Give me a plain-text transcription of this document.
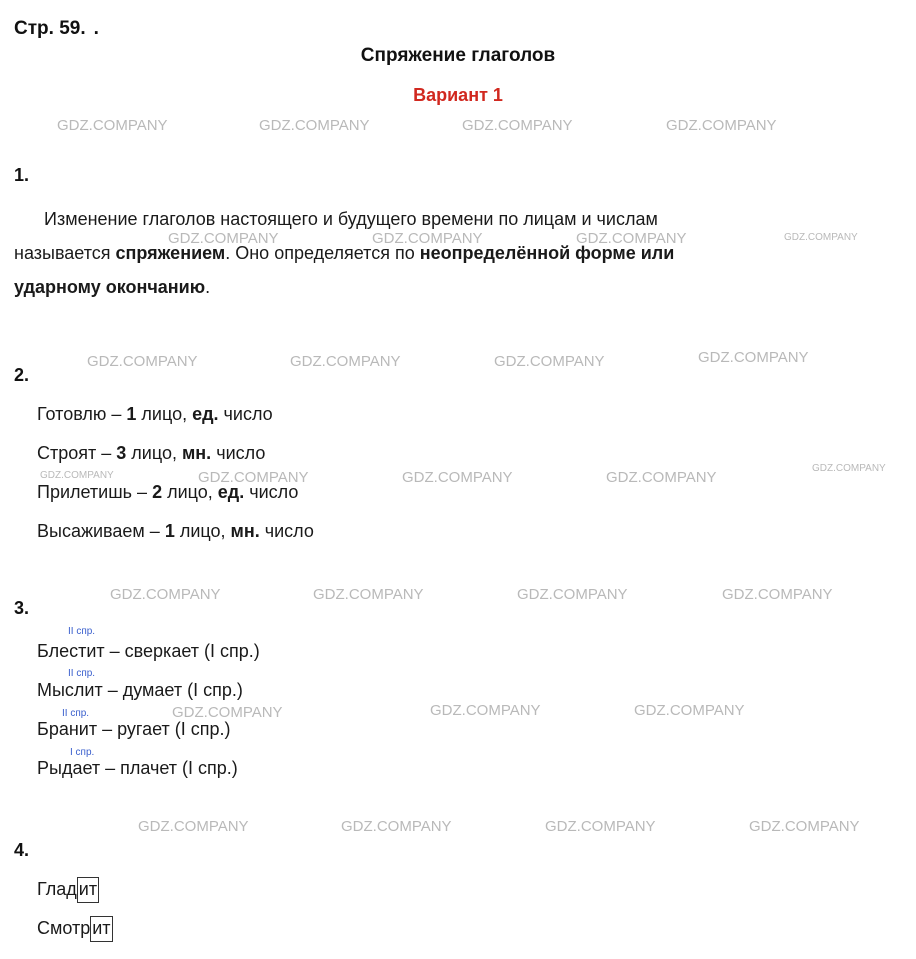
Стр. 59. .
Спряжение глаголов
Вариант 1
1.
Изменение глаголов настоящего и будущего времени по лицам и числам
называется спряжением. Оно определяется по неопределённой форме или
ударному окончанию.
2.
Готовлю – 1 лицо, ед. число
Строят – 3 лицо, мн. число
Прилетишь – 2 лицо, ед. число
Высаживаем – 1 лицо, мн. число
3.
II спр.
Блестит – сверкает (I спр.)
II спр.
Мыслит – думает (I спр.)
II спр.
Бранит – ругает (I спр.)
I спр.
Рыдает – плачет (I спр.)
4.
Глад ит
Смотр ит
GDZ.COMPANY	GDZ.COMPANY	GDZ.COMPANY	GDZ.COMPANY
GDZ.COMPANY	GDZ.COMPANY	GDZ.COMPANY	GDZ.COMPANY
GDZ.COMPANY	GDZ.COMPANY	GDZ.COMPANY	GDZ.COMPANY
GDZ.COMPANY	GDZ.COMPANY	GDZ.COMPANY	GDZ.COMPANY
GDZ.COMPANY
GDZ.COMPANY	GDZ.COMPANY	GDZ.COMPANY	GDZ.COMPANY
GDZ.COMPANY	GDZ.COMPANY	GDZ.COMPANY
GDZ.COMPANY	GDZ.COMPANY	GDZ.COMPANY	GDZ.COMPANY
